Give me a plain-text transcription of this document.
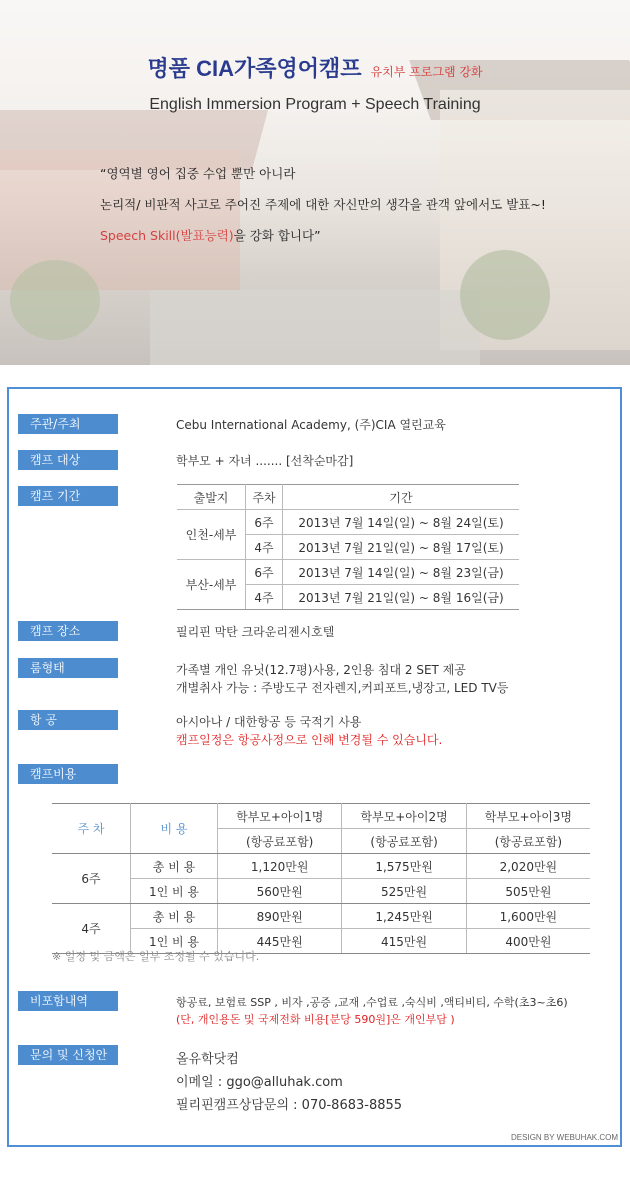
명품 CIA가족영어캠프 유치부 프로그램 강화
English Immersion Program + Speech Training
“영역별 영어 집중 수업 뿐만 아니라
논리적/ 비판적 사고로 주어진 주제에 대한 자신만의 생각을 관객 앞에서도 발표~!
Speech Skill(발표능력)을 강화 합니다”
주관/주최	Cebu International Academy, (주)CIA 열린교육
캠프 대상	학부모 + 자녀 ....... [선착순마감]
캠프 기간	출발지	주차	기간
인천-세부	6주	2013년 7월 14일(일) ~ 8월 24일(토)
	4주	2013년 7월 21일(일) ~ 8월 17일(토)
부산-세부	6주	2013년 7월 14일(일) ~ 8월 23일(금)
	4주	2013년 7월 21일(일) ~ 8월 16일(금)
캠프 장소	필리핀 막탄 크라운리젠시호텔
룸형태	가족별 개인 유닛(12.7평)사용, 2인용 침대 2 SET 제공
개별취사 가능 : 주방도구 전자렌지,커피포트,냉장고, LED TV등
항 공	아시아나 / 대한항공 등 국적기 사용
캠프일정은 항공사정으로 인해 변경될 수 있습니다.
캠프비용
주 차	비 용	학부모+아이1명	학부모+아이2명	학부모+아이3명
		(항공료포함)	(항공료포함)	(항공료포함)
6주	총 비 용	1,120만원	1,575만원	2,020만원
	1인 비 용	560만원	525만원	505만원
4주	총 비 용	890만원	1,245만원	1,600만원
	1인 비 용	445만원	415만원	400만원
※ 일정 및 금액은 일부 조정될 수 있습니다.
비포함내역	항공료, 보험료 SSP , 비자 ,공증 ,교재 ,수업료 ,숙식비 ,액티비티, 수학(초3~초6)
(단, 개인용돈 및 국제전화 비용[분당 590원]은 개인부담 )
문의 및 신청안내
올유학닷컴
이메일 : ggo@alluhak.com
필리핀캠프상담문의 : 070-8683-8855
DESIGN BY WEBUHAK.COM
